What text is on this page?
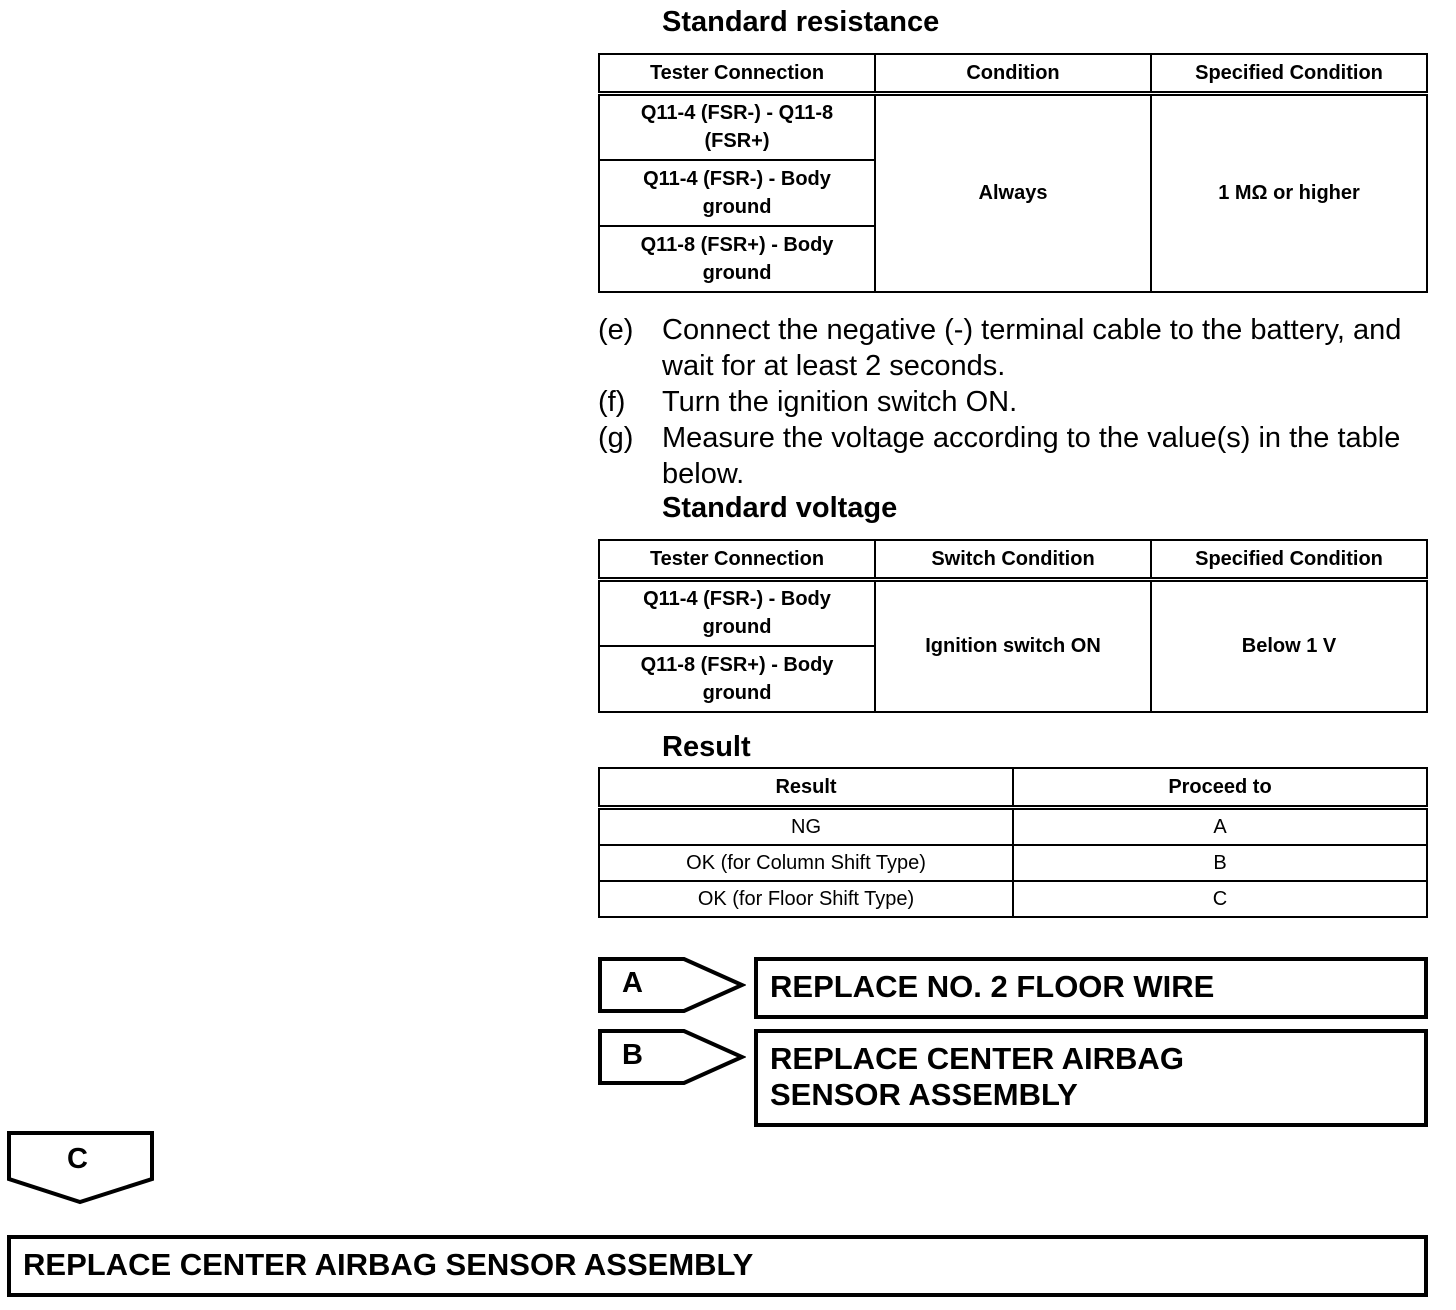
Standard resistance
Tester Connection	Condition	Specified Condition
Q11-4 (FSR-) - Q11-8 (FSR+)	Always	1 MΩ or higher
Q11-4 (FSR-) - Body ground		
Q11-8 (FSR+) - Body ground		
(e) Connect the negative (-) terminal cable to the battery, and wait for at least 2 seconds.
(f) Turn the ignition switch ON.
(g) Measure the voltage according to the value(s) in the table below.
Standard voltage
Tester Connection	Switch Condition	Specified Condition
Q11-4 (FSR-) - Body ground	Ignition switch ON	Below 1 V
Q11-8 (FSR+) - Body ground		
Result
Result	Proceed to
NG	A
OK (for Column Shift Type)	B
OK (for Floor Shift Type)	C
A	REPLACE NO. 2 FLOOR WIRE
B	REPLACE CENTER AIRBAG SENSOR ASSEMBLY
C
REPLACE CENTER AIRBAG SENSOR ASSEMBLY
